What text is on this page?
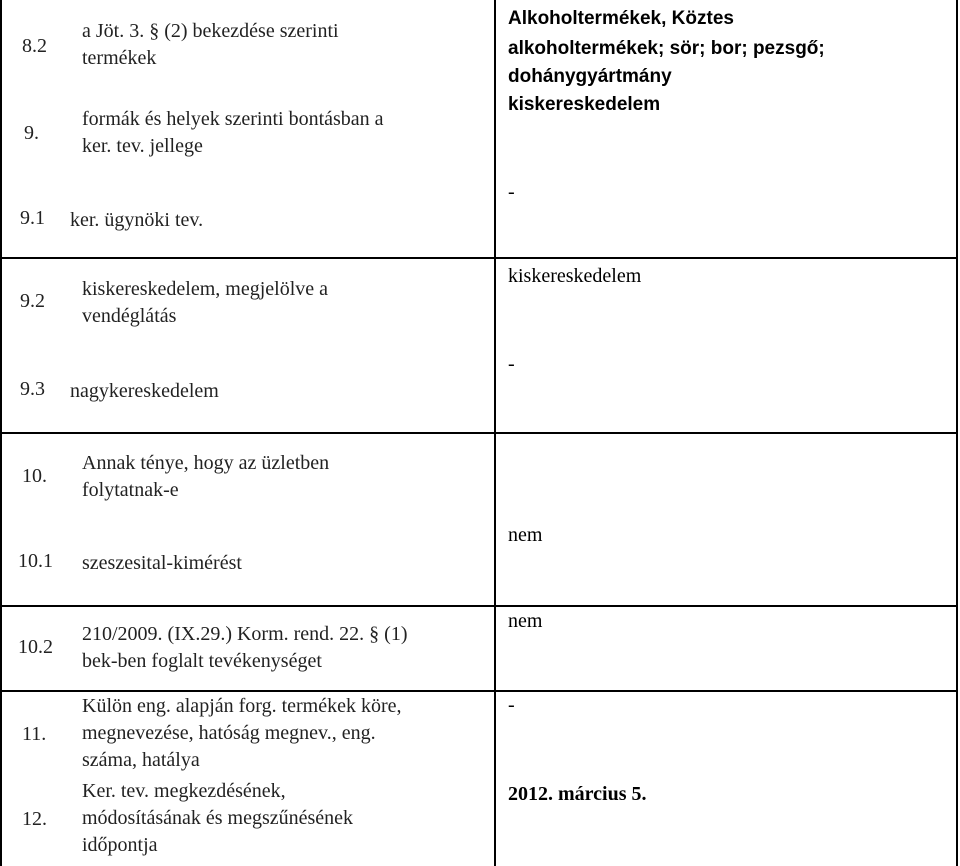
8.2
a Jöt. 3. § (2) bekezdése szerinti
termékek
Alkoholtermékek, Köztes
alkoholtermékek; sör; bor; pezsgő;
dohánygyártmány
9.
formák és helyek szerinti bontásban a
ker. tev. jellege
kiskereskedelem
9.1 ker. ügynöki tev.
-
9.2
kiskereskedelem, megjelölve a
vendéglátás
kiskereskedelem
9.3 nagykereskedelem
-
10.
Annak ténye, hogy az üzletben
folytatnak-e
10.1 szeszesital-kimérést
nem
10.2
210/2009. (IX.29.) Korm. rend. 22. § (1)
bek-ben foglalt tevékenységet
nem
11.
Külön eng. alapján forg. termékek köre,
megnevezése, hatóság megnev., eng.
száma, hatálya
-
12.
Ker. tev. megkezdésének,
módosításának és megszűnésének
időpontja
2012. március 5.
